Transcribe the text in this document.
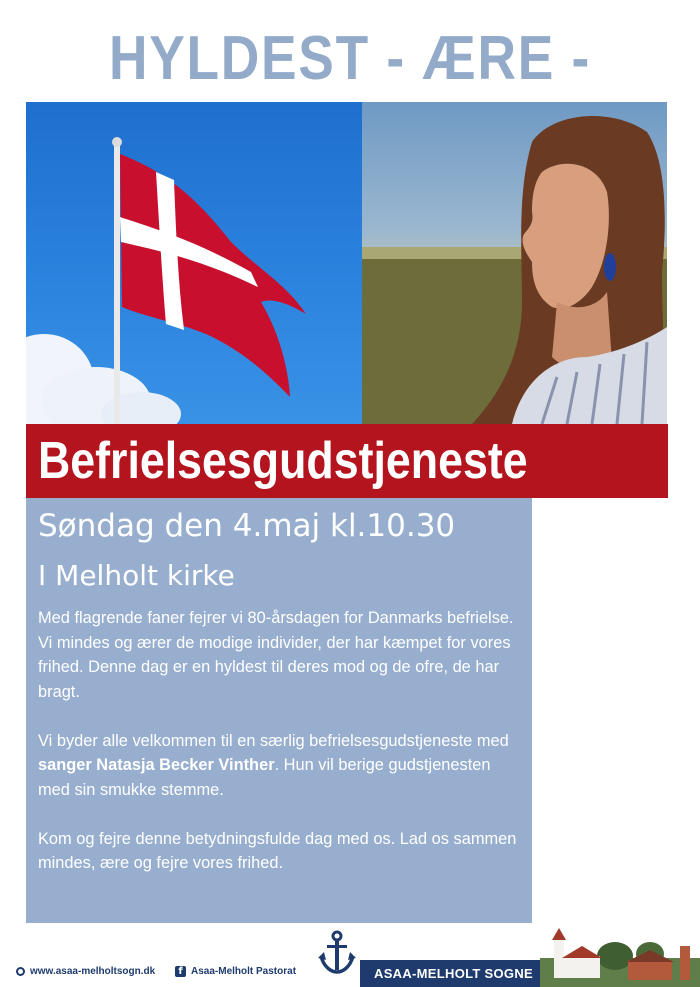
HYLDEST - ÆRE -
Befrielsesgudstjeneste
Søndag den 4.maj kl.10.30
I Melholt kirke

Med flagrende faner fejrer vi 80-årsdagen for Danmarks befrielse. Vi mindes og ærer de modige individer, der har kæmpet for vores frihed. Denne dag er en hyldest til deres mod og de ofre, de har bragt.

Vi byder alle velkommen til en særlig befrielsesgudstjeneste med sanger Natasja Becker Vinther. Hun vil berige gudstjenesten med sin smukke stemme.

Kom og fejre denne betydningsfulde dag med os. Lad os sammen mindes, ære og fejre vores frihed.

www.asaa-melholtsogn.dk	f Asaa-Melholt Pastorat	ASAA-MELHOLT SOGNE
